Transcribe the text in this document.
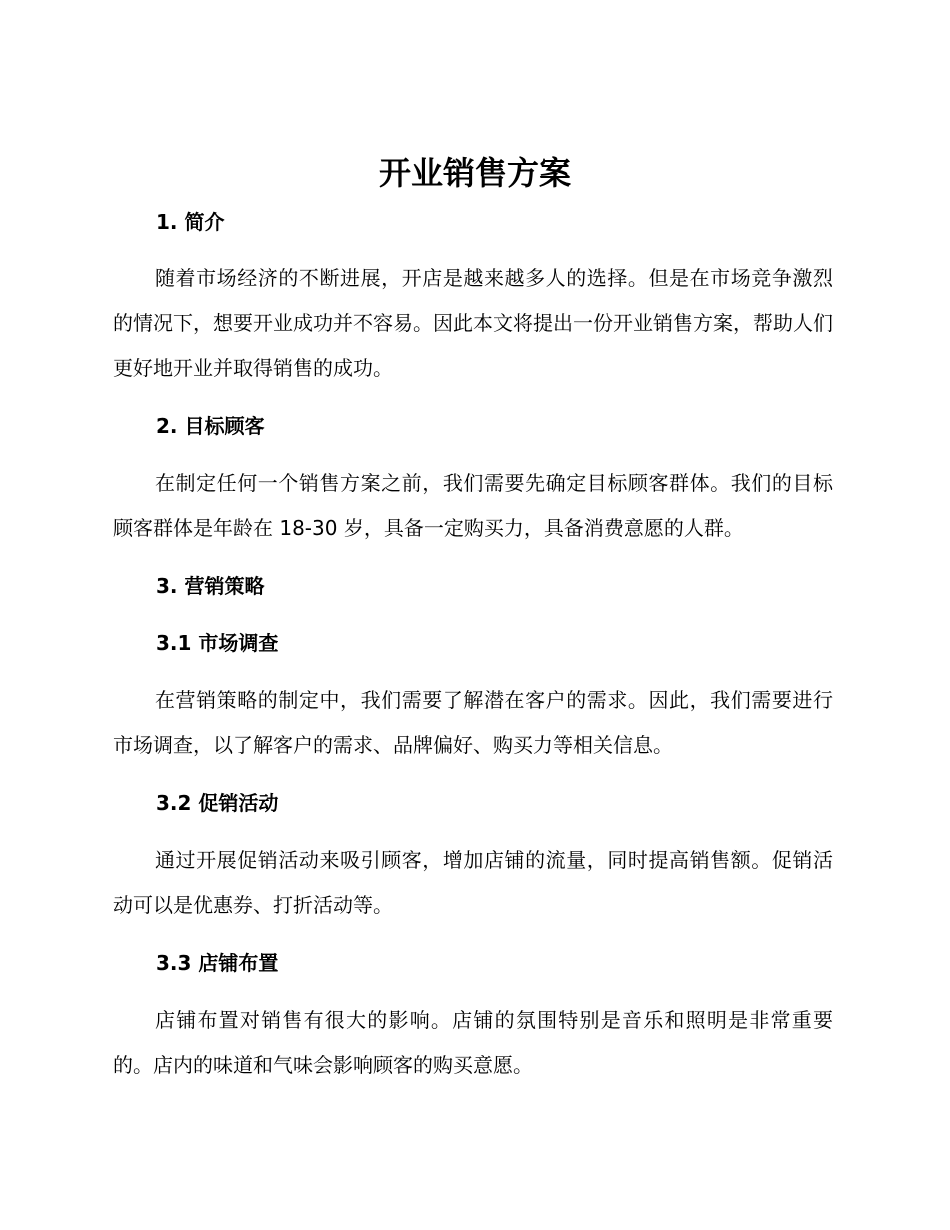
开业销售方案
1. 简介

随着市场经济的不断进展，开店是越来越多人的选择。但是在市场竞争激烈的情况下，想要开业成功并不容易。因此本文将提出一份开业销售方案，帮助人们更好地开业并取得销售的成功。

2. 目标顾客

在制定任何一个销售方案之前，我们需要先确定目标顾客群体。我们的目标顾客群体是年龄在 18-30 岁，具备一定购买力，具备消费意愿的人群。

3. 营销策略
3.1 市场调查

在营销策略的制定中，我们需要了解潜在客户的需求。因此，我们需要进行市场调查，以了解客户的需求、品牌偏好、购买力等相关信息。

3.2 促销活动

通过开展促销活动来吸引顾客，增加店铺的流量，同时提高销售额。促销活动可以是优惠券、打折活动等。

3.3 店铺布置

店铺布置对销售有很大的影响。店铺的氛围特别是音乐和照明是非常重要的。店内的味道和气味会影响顾客的购买意愿。
